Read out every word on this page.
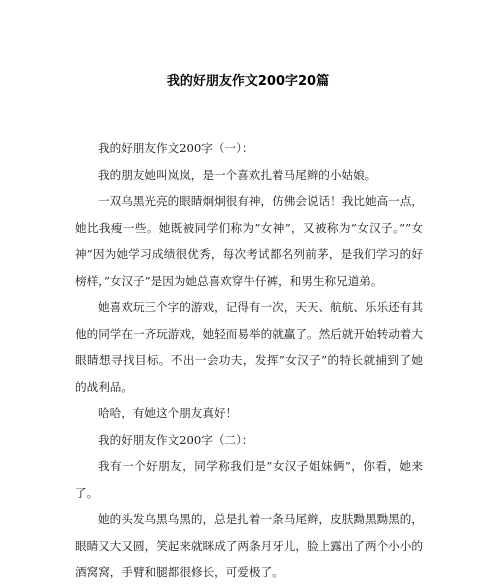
我的好朋友作文200字20篇

我的好朋友作文200字（一）：

我的朋友她叫岚岚，是一个喜欢扎着马尾辫的小姑娘。

一双乌黑光亮的眼睛炯炯很有神，仿佛会说话！我比她高一点，她比我瘦一些。她既被同学们称为”女神”，又被称为“女汉子。””女神”因为她学习成绩很优秀，每次考试都名列前茅，是我们学习的好榜样，”女汉子”是因为她总喜欢穿牛仔裤，和男生称兄道弟。

她喜欢玩三个字的游戏，记得有一次，天天、航航、乐乐还有其他的同学在一齐玩游戏，她轻而易举的就赢了。然后就开始转动着大眼睛想寻找目标。不出一会功夫，发挥”女汉子”的特长就捕到了她的战利品。

哈哈，有她这个朋友真好！

我的好朋友作文200字（二）：

我有一个好朋友，同学称我们是“女汉子姐妹俩”，你看，她来了。

她的头发乌黑乌黑的，总是扎着一条马尾辫，皮肤黝黑黝黑的，眼睛又大又圆，笑起来就眯成了两条月牙儿，脸上露出了两个小小的酒窝窝，手臂和腿都很修长，可爱极了。
